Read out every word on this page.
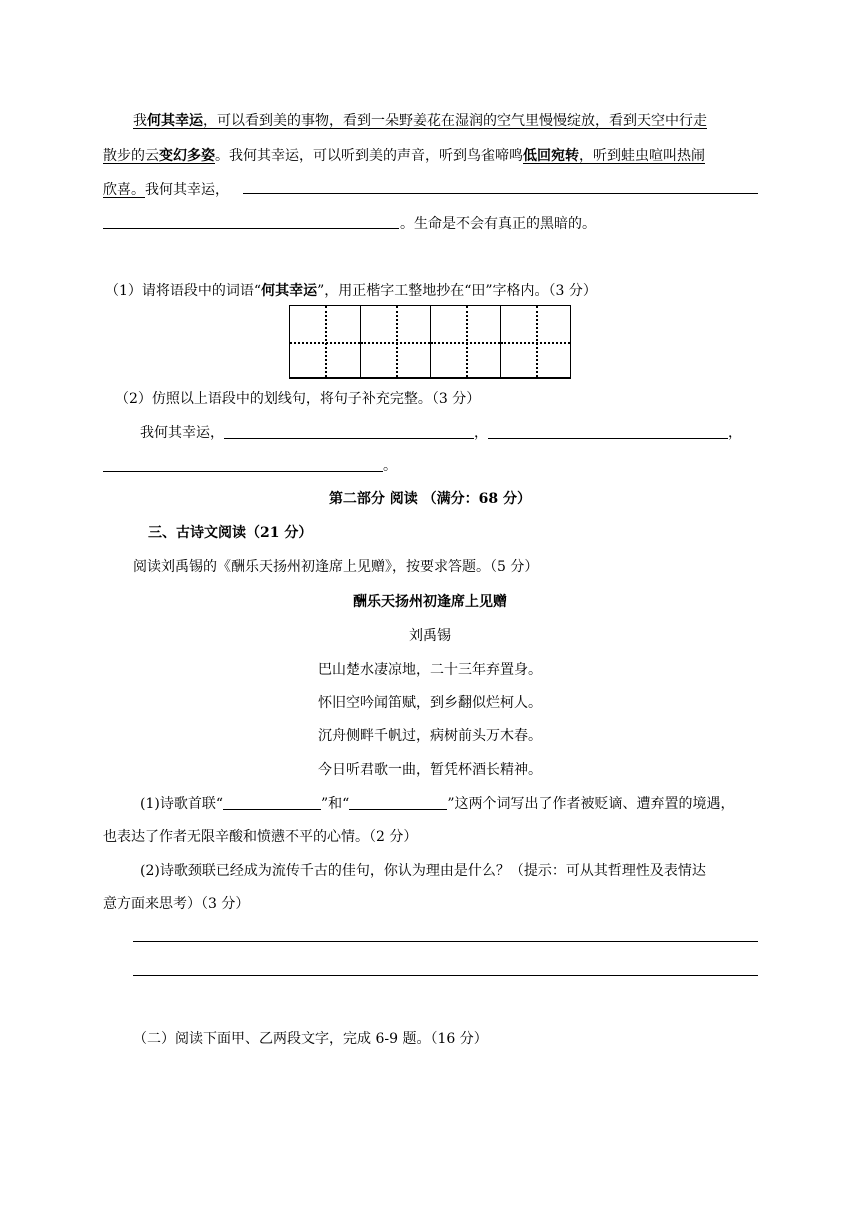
我何其幸运，可以看到美的事物，看到一朵野姜花在湿润的空气里慢慢绽放，看到天空中行走
散步的云变幻多姿。我何其幸运，可以听到美的声音，听到鸟雀啼鸣低回宛转，听到蛙虫喧叫热闹
欣喜。我何其幸运，
。生命是不会有真正的黑暗的。
（1）请将语段中的词语“何其幸运”，用正楷字工整地抄在“田”字格内。（3 分）
（2）仿照以上语段中的划线句，将句子补充完整。（3 分）
我何其幸运，	，	，
。
第二部分 阅读 （满分：68 分）
三、古诗文阅读（21 分）
阅读刘禹锡的《酬乐天扬州初逢席上见赠》，按要求答题。（5 分）
酬乐天扬州初逢席上见赠
刘禹锡
巴山楚水凄凉地，二十三年弃置身。
怀旧空吟闻笛赋，到乡翻似烂柯人。
沉舟侧畔千帆过，病树前头万木春。
今日听君歌一曲，暂凭杯酒长精神。
(1)诗歌首联“	”和“	”这两个词写出了作者被贬谪、遭弃置的境遇，
也表达了作者无限辛酸和愤懑不平的心情。（2 分）
(2)诗歌颈联已经成为流传千古的佳句，你认为理由是什么？（提示：可从其哲理性及表情达
意方面来思考）（3 分）
（二）阅读下面甲、乙两段文字，完成 6-9 题。（16 分）
